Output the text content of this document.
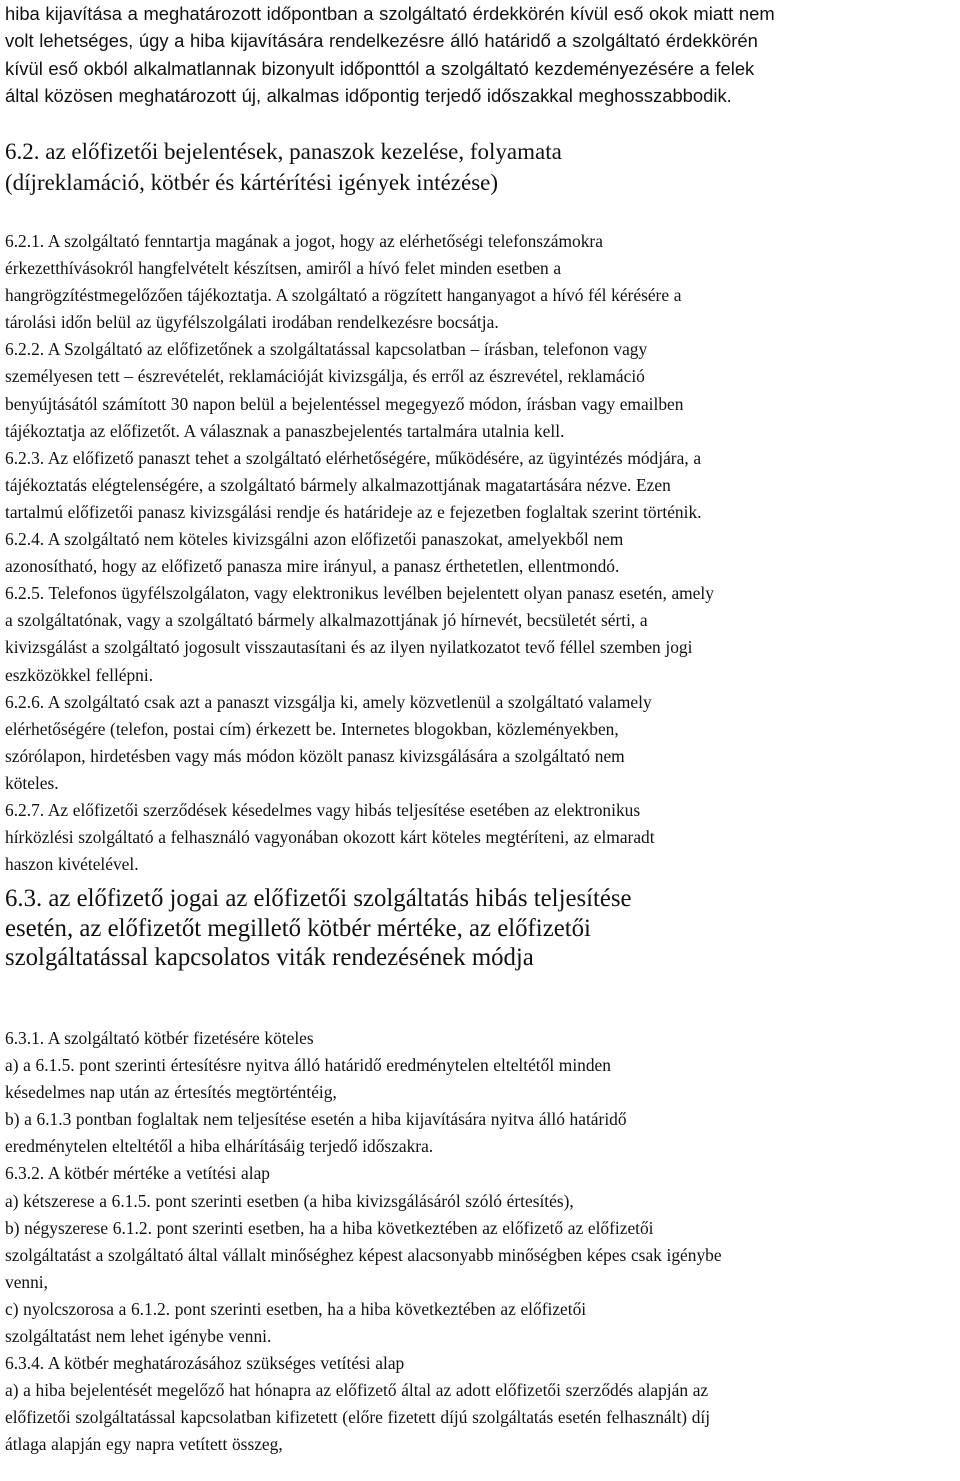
hiba kijavítása a meghatározott időpontban a szolgáltató érdekkörén kívül eső okok miatt nem

volt lehetséges, úgy a hiba kijavítására rendelkezésre álló határidő a szolgáltató érdekkörén

kívül eső okból alkalmatlannak bizonyult időponttól a szolgáltató kezdeményezésére a felek

által közösen meghatározott új, alkalmas időpontig terjedő időszakkal meghosszabbodik.

6.2. az előfizetői bejelentések, panaszok kezelése, folyamata

(díjreklamáció, kötbér és kártérítési igények intézése)

6.2.1. A szolgáltató fenntartja magának a jogot, hogy az elérhetőségi telefonszámokra

érkezetthívásokról hangfelvételt készítsen, amiről a hívó felet minden esetben a

hangrögzítéstmegelőzően tájékoztatja. A szolgáltató a rögzített hanganyagot a hívó fél kérésére a

tárolási időn belül az ügyfélszolgálati irodában rendelkezésre bocsátja.

6.2.2. A Szolgáltató az előfizetőnek a szolgáltatással kapcsolatban – írásban, telefonon vagy

személyesen tett – észrevételét, reklamációját kivizsgálja, és erről az észrevétel, reklamáció

benyújtásától számított 30 napon belül a bejelentéssel megegyező módon, írásban vagy emailben

tájékoztatja az előfizetőt. A válasznak a panaszbejelentés tartalmára utalnia kell.

6.2.3. Az előfizető panaszt tehet a szolgáltató elérhetőségére, működésére, az ügyintézés módjára, a

tájékoztatás elégtelenségére, a szolgáltató bármely alkalmazottjának magatartására nézve. Ezen

tartalmú előfizetői panasz kivizsgálási rendje és határideje az e fejezetben foglaltak szerint történik.

6.2.4. A szolgáltató nem köteles kivizsgálni azon előfizetői panaszokat, amelyekből nem

azonosítható, hogy az előfizető panasza mire irányul, a panasz érthetetlen, ellentmondó.

6.2.5. Telefonos ügyfélszolgálaton, vagy elektronikus levélben bejelentett olyan panasz esetén, amely

a szolgáltatónak, vagy a szolgáltató bármely alkalmazottjának jó hírnevét, becsületét sérti, a

kivizsgálást a szolgáltató jogosult visszautasítani és az ilyen nyilatkozatot tevő féllel szemben jogi

eszközökkel fellépni.

6.2.6. A szolgáltató csak azt a panaszt vizsgálja ki, amely közvetlenül a szolgáltató valamely

elérhetőségére (telefon, postai cím) érkezett be. Internetes blogokban, közleményekben,

szórólapon, hirdetésben vagy más módon közölt panasz kivizsgálására a szolgáltató nem

köteles.

6.2.7. Az előfizetői szerződések késedelmes vagy hibás teljesítése esetében az elektronikus

hírközlési szolgáltató a felhasználó vagyonában okozott kárt köteles megtéríteni, az elmaradt

haszon kivételével.

6.3. az előfizető jogai az előfizetői szolgáltatás hibás teljesítése

esetén, az előfizetőt megillető kötbér mértéke, az előfizetői

szolgáltatással kapcsolatos viták rendezésének módja

6.3.1. A szolgáltató kötbér fizetésére köteles

a) a 6.1.5. pont szerinti értesítésre nyitva álló határidő eredménytelen elteltétől minden

késedelmes nap után az értesítés megtörténtéig,

b) a 6.1.3 pontban foglaltak nem teljesítése esetén a hiba kijavítására nyitva álló határidő

eredménytelen elteltétől a hiba elhárításáig terjedő időszakra.

6.3.2. A kötbér mértéke a vetítési alap

a) kétszerese a 6.1.5. pont szerinti esetben (a hiba kivizsgálásáról szóló értesítés),

b) négyszerese 6.1.2. pont szerinti esetben, ha a hiba következtében az előfizető az előfizetői

szolgáltatást a szolgáltató által vállalt minőséghez képest alacsonyabb minőségben képes csak igénybe

venni,

c) nyolcszorosa a 6.1.2. pont szerinti esetben, ha a hiba következtében az előfizetői

szolgáltatást nem lehet igénybe venni.

6.3.4. A kötbér meghatározásához szükséges vetítési alap

a) a hiba bejelentését megelőző hat hónapra az előfizető által az adott előfizetői szerződés alapján az

előfizetői szolgáltatással kapcsolatban kifizetett (előre fizetett díjú szolgáltatás esetén felhasznált) díj

átlaga alapján egy napra vetített összeg,
